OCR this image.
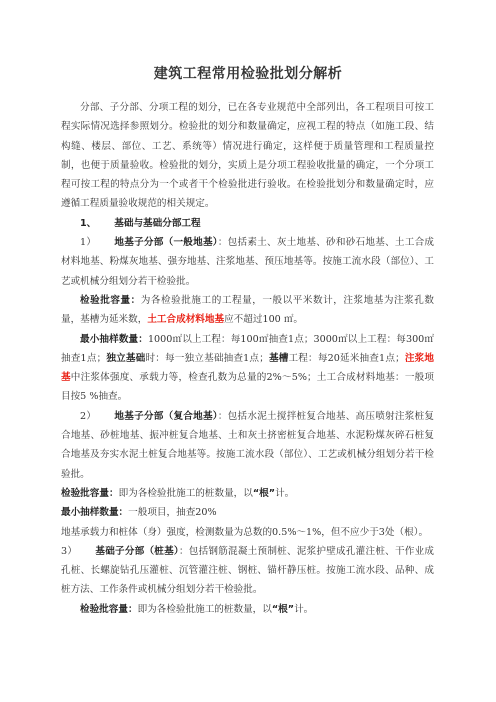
建筑工程常用检验批划分解析

分部、子分部、分项工程的划分，已在各专业规范中全部列出，各工程项目可按工程实际情况选择参照划分。检验批的划分和数量确定，应视工程的特点（如施工段、结构缝、楼层、部位、工艺、系统等）情况进行确定，这样便于质量管理和工程质量控制，也便于质量验收。检验批的划分，实质上是分项工程验收批量的确定，一个分项工程可按工程的特点分为一个或者干个检验批进行验收。在检验批划分和数量确定时，应遵循工程质量验收规范的相关规定。

1、 基础与基础分部工程

1） 地基子分部（一般地基）：包括素土、灰土地基、砂和砂石地基、土工合成材料地基、粉煤灰地基、强夯地基、注浆地基、预压地基等。按施工流水段（部位）、工艺或机械分组划分若干检验批。

检验批容量：为各检验批施工的工程量，一般以平米数计，注浆地基为注浆孔数量，基槽为延米数，土工合成材料地基应不超过100 ㎡。

最小抽样数量：1000㎡以上工程：每100㎡抽查1点；3000㎡以上工程：每300㎡抽查1点；独立基础时：每一独立基础抽查1点；基槽工程：每20延米抽查1点；注浆地基中注浆体强度、承载力等，检查孔数为总量的2%～5%；土工合成材料地基：一般项目按5 %抽查。

2） 地基子分部（复合地基）：包括水泥土搅拌桩复合地基、高压喷射注浆桩复合地基、砂桩地基、振冲桩复合地基、土和灰土挤密桩复合地基、水泥粉煤灰碎石桩复合地基及夯实水泥土桩复合地基等。按施工流水段（部位）、工艺或机械分组划分若干检验批。

检验批容量：即为各检验批施工的桩数量，以“根”计。

最小抽样数量：一般项目，抽查20%

地基承载力和桩体（身）强度，检测数量为总数的0.5%～1%，但不应少于3处（根）。

3） 基础子分部（桩基）：包括钢筋混凝土预制桩、泥浆护壁成孔灌注桩、干作业成孔桩、长螺旋钻孔压灌桩、沉管灌注桩、钢桩、锚杆静压桩。按施工流水段、品种、成桩方法、工作条件或机械分组划分若干检验批。

检验批容量：即为各检验批施工的桩数量，以“根”计。
